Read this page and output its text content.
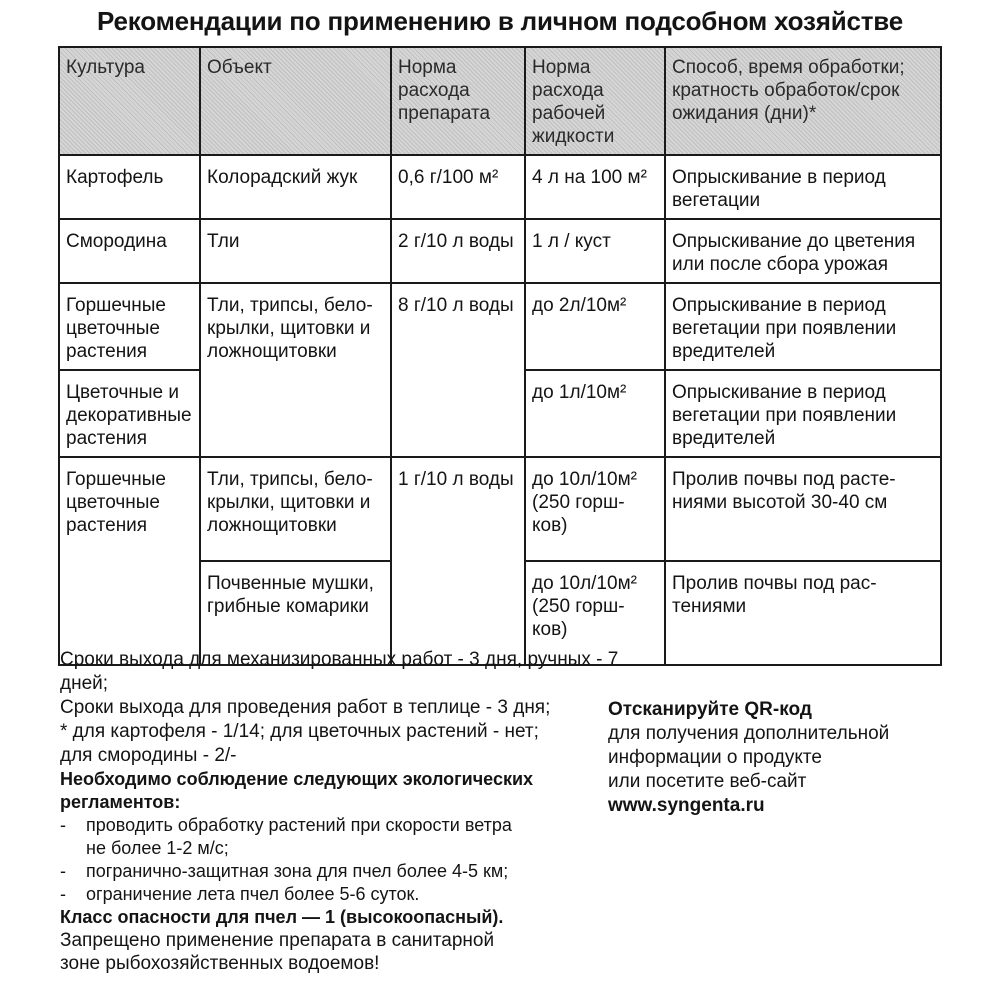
Рекомендации по применению в личном подсобном хозяйстве
Культура	Объект	Норма
расхода
препарата	Норма
расхода
рабочей
жидкости	Способ, время обработки;
кратность обработок/срок
ожидания (дни)*
Картофель	Колорадский жук	0,6 г/100 м²	4 л на 100 м²	Опрыскивание в период
вегетации
Смородина	Тли	2 г/10 л воды	1 л / куст	Опрыскивание до цветения
или после сбора урожая
Горшечные
цветочные
растения	Тли, трипсы, бело-
крылки, щитовки и
ложнощитовки	8 г/10 л воды	до 2л/10м²	Опрыскивание в период
вегетации при появлении
вредителей
Цветочные и
декоративные
растения			до 1л/10м²	Опрыскивание в период
вегетации при появлении
вредителей
Горшечные
цветочные
растения	Тли, трипсы, бело-
крылки, щитовки и
ложнощитовки	1 г/10 л воды	до 10л/10м²
(250 горш-
ков)	Пролив почвы под расте-
ниями высотой 30-40 см
	Почвенные мушки,
грибные комарики		до 10л/10м²
(250 горш-
ков)	Пролив почвы под рас-
тениями

Сроки выхода для механизированных работ - 3 дня, ручных - 7 дней;

Сроки выхода для проведения работ в теплице - 3 дня;

* для картофеля - 1/14; для цветочных растений - нет;

для смородины - 2/-

Необходимо соблюдение следующих экологических
регламентов:

- проводить обработку растений при скорости ветра
не более 1-2 м/с;
- погранично-защитная зона для пчел более 4-5 км;
- ограничение лета пчел более 5-6 суток.

Класс опасности для пчел — 1 (высокоопасный).

Запрещено применение препарата в санитарной
зоне рыбохозяйственных водоемов!

Отсканируйте QR-код

для получения дополнительной

информации о продукте

или посетите веб-сайт

www.syngenta.ru
